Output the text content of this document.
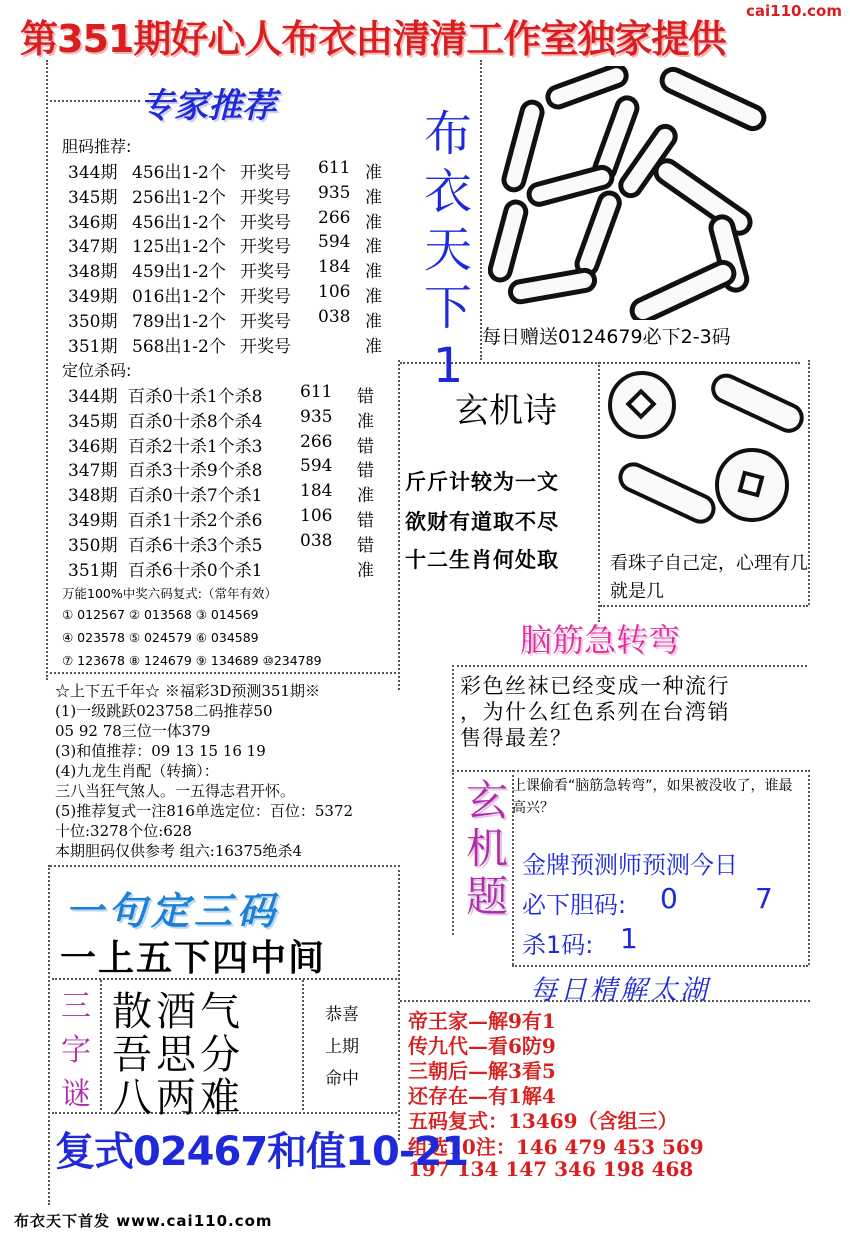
第351期好心人布衣由清清工作室独家提供
cai110.com
专家推荐
胆码推荐:
344期 456出1-2个 开奖号 611 准
345期 256出1-2个 开奖号 935 准
346期 456出1-2个 开奖号 266 准
347期 125出1-2个 开奖号 594 准
348期 459出1-2个 开奖号 184 准
349期 016出1-2个 开奖号 106 准
350期 789出1-2个 开奖号 038 准
351期 568出1-2个 开奖号	准
定位杀码:
344期 百杀0十杀1个杀8 611 错
345期 百杀0十杀8个杀4 935 准
346期 百杀2十杀1个杀3 266 错
347期 百杀3十杀9个杀8 594 错
348期 百杀0十杀7个杀1 184 准
349期 百杀1十杀2个杀6 106 错
350期 百杀6十杀3个杀5 038 错
351期 百杀6十杀0个杀1	准
万能100%中奖六码复式:（常年有效）
① 012567 ② 013568 ③ 014569
④ 023578 ⑤ 024579 ⑥ 034589
⑦ 123678 ⑧ 124679 ⑨ 134689 ⑩234789
布
衣
天
下
1
每日赠送0124679必下2-3码
玄机诗
斤斤计较为一文
欲财有道取不尽
十二生肖何处取	看珠子自己定，心理有几就是几
脑筋急转弯
彩色丝袜已经变成一种流行
，为什么红色系列在台湾销
售得最差？
☆上下五千年☆ ※福彩3D预测351期※
(1)一级跳跃023758二码推荐50
05 92 78三位一体379
(3)和值推荐：09 13 15 16 19
(4)九龙生肖配（转摘）：
三八当狂气煞人。一五得志君开怀。
(5)推荐复式一注816单选定位：百位：5372
十位:3278个位:628
本期胆码仅供参考 组六:16375绝杀4	玄机题 上课偷看“脑筋急转弯”，如果被没收了，谁最高兴？
金牌预测师预测今日
必下胆码: 0	7
杀1码: 1
每日精解太湖
帝王家—解9有1
传九代—看6防9
三朝后—解3看5
还存在—有1解4
五码复式：13469（含组三）
组选10注：146 479 453 569
197 134 147 346 198 468
一句定三码
一上五下四中间
三
字
谜
散酒气
吾思分
八两难
恭喜
上期
命中
复式02467和值10-21
布衣天下首发 www.cai110.com
